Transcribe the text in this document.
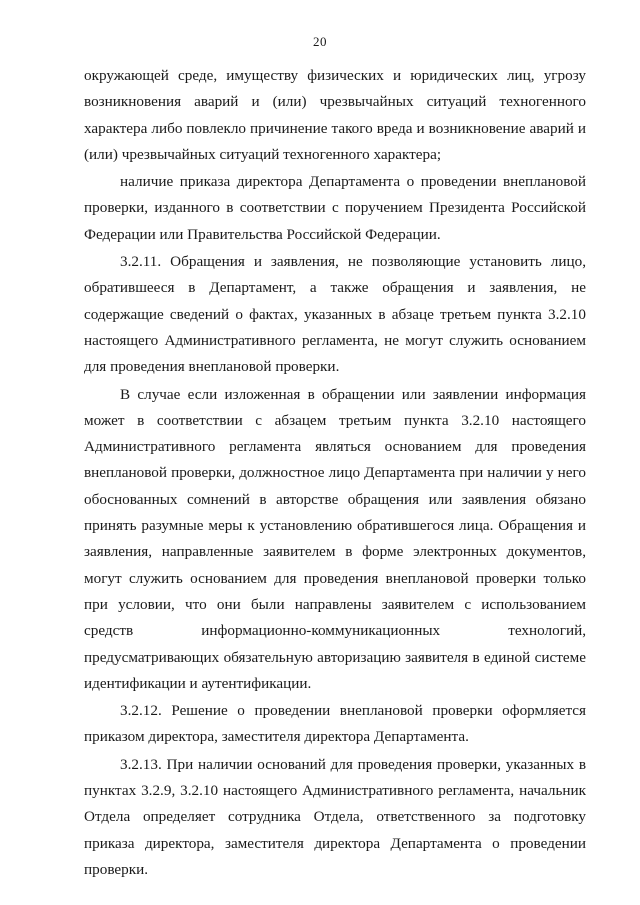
20

окружающей среде, имуществу физических и юридических лиц, угрозу возникновения аварий и (или) чрезвычайных ситуаций техногенного характера либо повлекло причинение такого вреда и возникновение аварий и (или) чрезвычайных ситуаций техногенного характера;

наличие приказа директора Департамента о проведении внеплановой проверки, изданного в соответствии с поручением Президента Российской Федерации или Правительства Российской Федерации.

3.2.11. Обращения и заявления, не позволяющие установить лицо, обратившееся в Департамент, а также обращения и заявления, не содержащие сведений о фактах, указанных в абзаце третьем пункта 3.2.10 настоящего Административного регламента, не могут служить основанием для проведения внеплановой проверки.

В случае если изложенная в обращении или заявлении информация может в соответствии с абзацем третьим пункта 3.2.10 настоящего Административного регламента являться основанием для проведения внеплановой проверки, должностное лицо Департамента при наличии у него обоснованных сомнений в авторстве обращения или заявления обязано принять разумные меры к установлению обратившегося лица. Обращения и заявления, направленные заявителем в форме электронных документов, могут служить основанием для проведения внеплановой проверки только при условии, что они были направлены заявителем с использованием средств информационно-коммуникационных технологий, предусматривающих обязательную авторизацию заявителя в единой системе идентификации и аутентификации.

3.2.12. Решение о проведении внеплановой проверки оформляется приказом директора, заместителя директора Департамента.

3.2.13. При наличии оснований для проведения проверки, указанных в пунктах 3.2.9, 3.2.10 настоящего Административного регламента, начальник Отдела определяет сотрудника Отдела, ответственного за подготовку приказа директора, заместителя директора Департамента о проведении проверки.
